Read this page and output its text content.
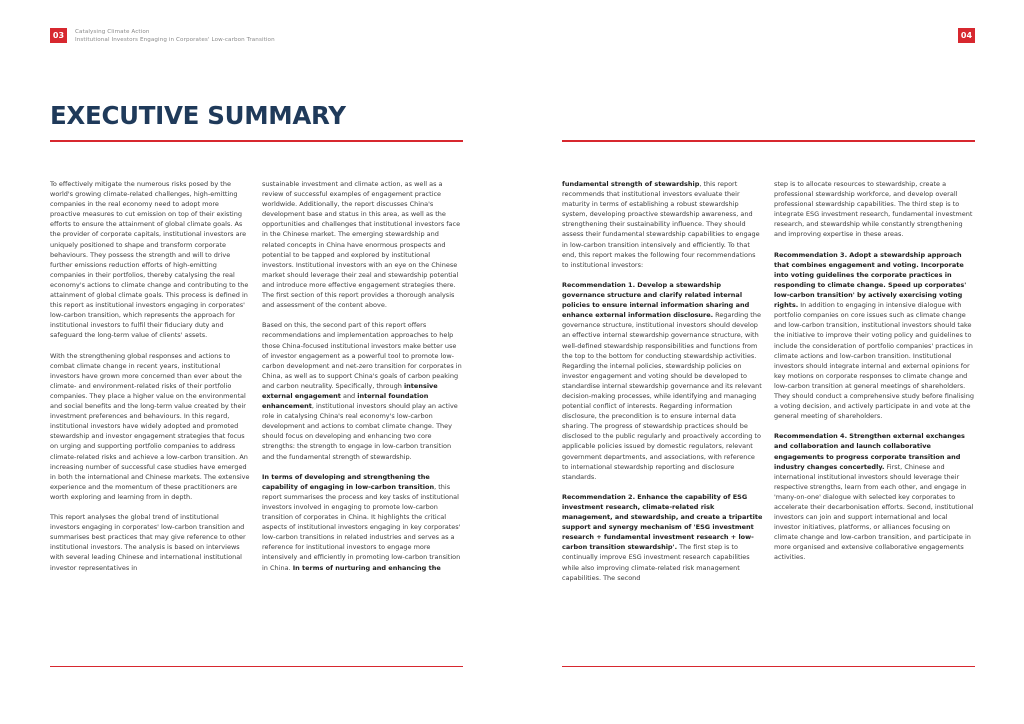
03	Catalysing Climate Action
Institutional Investors Engaging in Corporates' Low-carbon Transition	04
EXECUTIVE SUMMARY

To effectively mitigate the numerous risks posed by the world's growing climate-related challenges, high-emitting companies in the real economy need to adopt more proactive measures to cut emission on top of their existing efforts to ensure the attainment of global climate goals. As the provider of corporate capitals, institutional investors are uniquely positioned to shape and transform corporate behaviours. They possess the strength and will to drive further emissions reduction efforts of high-emitting companies in their portfolios, thereby catalysing the real economy's actions to climate change and contributing to the attainment of global climate goals. This process is defined in this report as institutional investors engaging in corporates' low-carbon transition, which represents the approach for institutional investors to fulfil their fiduciary duty and safeguard the long-term value of clients' assets.

With the strengthening global responses and actions to combat climate change in recent years, institutional investors have grown more concerned than ever about the climate- and environment-related risks of their portfolio companies. They place a higher value on the environmental and social benefits and the long-term value created by their investment preferences and behaviours. In this regard, institutional investors have widely adopted and promoted stewardship and investor engagement strategies that focus on urging and supporting portfolio companies to address climate-related risks and achieve a low-carbon transition. An increasing number of successful case studies have emerged in both the international and Chinese markets. The extensive experience and the momentum of these practitioners are worth exploring and learning from in depth.

This report analyses the global trend of institutional investors engaging in corporates' low-carbon transition and summarises best practices that may give reference to other institutional investors. The analysis is based on interviews with several leading Chinese and international institutional investor representatives in

sustainable investment and climate action, as well as a review of successful examples of engagement practice worldwide. Additionally, the report discusses China's development base and status in this area, as well as the opportunities and challenges that institutional investors face in the Chinese market. The emerging stewardship and related concepts in China have enormous prospects and potential to be tapped and explored by institutional investors. Institutional investors with an eye on the Chinese market should leverage their zeal and stewardship potential and introduce more effective engagement strategies there. The first section of this report provides a thorough analysis and assessment of the content above.

Based on this, the second part of this report offers recommendations and implementation approaches to help those China-focused institutional investors make better use of investor engagement as a powerful tool to promote low-carbon development and net-zero transition for corporates in China, as well as to support China's goals of carbon peaking and carbon neutrality. Specifically, through intensive external engagement and internal foundation enhancement, institutional investors should play an active role in catalysing China's real economy's low-carbon development and actions to combat climate change. They should focus on developing and enhancing two core strengths: the strength to engage in low-carbon transition and the fundamental strength of stewardship.

In terms of developing and strengthening the capability of engaging in low-carbon transition, this report summarises the process and key tasks of institutional investors involved in engaging to promote low-carbon transition of corporates in China. It highlights the critical aspects of institutional investors engaging in key corporates' low-carbon transitions in related industries and serves as a reference for institutional investors to engage more intensively and efficiently in promoting low-carbon transition in China. In terms of nurturing and enhancing the

fundamental strength of stewardship, this report recommends that institutional investors evaluate their maturity in terms of establishing a robust stewardship system, developing proactive stewardship awareness, and strengthening their sustainability influence. They should assess their fundamental stewardship capabilities to engage in low-carbon transition intensively and efficiently. To that end, this report makes the following four recommendations to institutional investors:

Recommendation 1. Develop a stewardship governance structure and clarify related internal policies to ensure internal information sharing and enhance external information disclosure. Regarding the governance structure, institutional investors should develop an effective internal stewardship governance structure, with well-defined stewardship responsibilities and functions from the top to the bottom for conducting stewardship activities. Regarding the internal policies, stewardship policies on investor engagement and voting should be developed to standardise internal stewardship governance and its relevant decision-making processes, while identifying and managing potential conflict of interests. Regarding information disclosure, the precondition is to ensure internal data sharing. The progress of stewardship practices should be disclosed to the public regularly and proactively according to applicable policies issued by domestic regulators, relevant government departments, and associations, with reference to international stewardship reporting and disclosure standards.

Recommendation 2. Enhance the capability of ESG investment research, climate-related risk management, and stewardship, and create a tripartite support and synergy mechanism of 'ESG investment research + fundamental investment research + low-carbon transition stewardship'. The first step is to continually improve ESG investment research capabilities while also improving climate-related risk management capabilities. The second

step is to allocate resources to stewardship, create a professional stewardship workforce, and develop overall professional stewardship capabilities. The third step is to integrate ESG investment research, fundamental investment research, and stewardship while constantly strengthening and improving expertise in these areas.

Recommendation 3. Adopt a stewardship approach that combines engagement and voting. Incorporate into voting guidelines the corporate practices in responding to climate change. Speed up corporates' low-carbon transition' by actively exercising voting rights. In addition to engaging in intensive dialogue with portfolio companies on core issues such as climate change and low-carbon transition, institutional investors should take the initiative to improve their voting policy and guidelines to include the consideration of portfolio companies' practices in climate actions and low-carbon transition. Institutional investors should integrate internal and external opinions for key motions on corporate responses to climate change and low-carbon transition at general meetings of shareholders. They should conduct a comprehensive study before finalising a voting decision, and actively participate in and vote at the general meeting of shareholders.

Recommendation 4. Strengthen external exchanges and collaboration and launch collaborative engagements to progress corporate transition and industry changes concertedly. First, Chinese and international institutional investors should leverage their respective strengths, learn from each other, and engage in 'many-on-one' dialogue with selected key corporates to accelerate their decarbonisation efforts. Second, institutional investors can join and support international and local investor initiatives, platforms, or alliances focusing on climate change and low-carbon transition, and participate in more organised and extensive collaborative engagements activities.
